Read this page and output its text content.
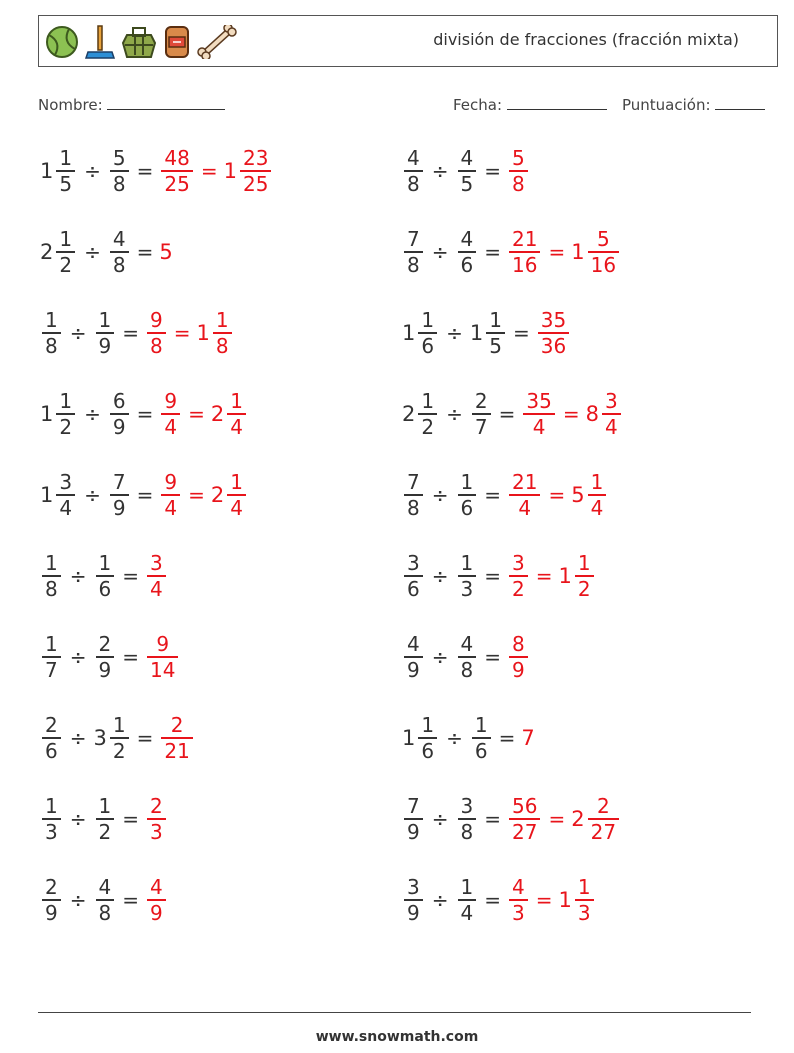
división de fracciones (fracción mixta)
Nombre:	Fecha:	Puntuación:
$1 \frac{1}{5} \div \frac{5}{8} = \frac{48}{25} = 1 \frac{23}{25}$
$2 \frac{1}{2} \div \frac{4}{8} = 5$
$\frac{1}{8} \div \frac{1}{9} = \frac{9}{8} = 1 \frac{1}{8}$
$1 \frac{1}{2} \div \frac{6}{9} = \frac{9}{4} = 2 \frac{1}{4}$
$1 \frac{3}{4} \div \frac{7}{9} = \frac{9}{4} = 2 \frac{1}{4}$
$\frac{1}{8} \div \frac{1}{6} = \frac{3}{4}$
$\frac{1}{7} \div \frac{2}{9} = \frac{9}{14}$
$\frac{2}{6} \div 3 \frac{1}{2} = \frac{2}{21}$
$\frac{1}{3} \div \frac{1}{2} = \frac{2}{3}$
$\frac{2}{9} \div \frac{4}{8} = \frac{4}{9}$
$\frac{4}{8} \div \frac{4}{5} = \frac{5}{8}$
$\frac{7}{8} \div \frac{4}{6} = \frac{21}{16} = 1 \frac{5}{16}$
$1 \frac{1}{6} \div 1 \frac{1}{5} = \frac{35}{36}$
$2 \frac{1}{2} \div \frac{2}{7} = \frac{35}{4} = 8 \frac{3}{4}$
$\frac{7}{8} \div \frac{1}{6} = \frac{21}{4} = 5 \frac{1}{4}$
$\frac{3}{6} \div \frac{1}{3} = \frac{3}{2} = 1 \frac{1}{2}$
$\frac{4}{9} \div \frac{4}{8} = \frac{8}{9}$
$1 \frac{1}{6} \div \frac{1}{6} = 7$
$\frac{7}{9} \div \frac{3}{8} = \frac{56}{27} = 2 \frac{2}{27}$
$\frac{3}{9} \div \frac{1}{4} = \frac{4}{3} = 1 \frac{1}{3}$
www.snowmath.com
